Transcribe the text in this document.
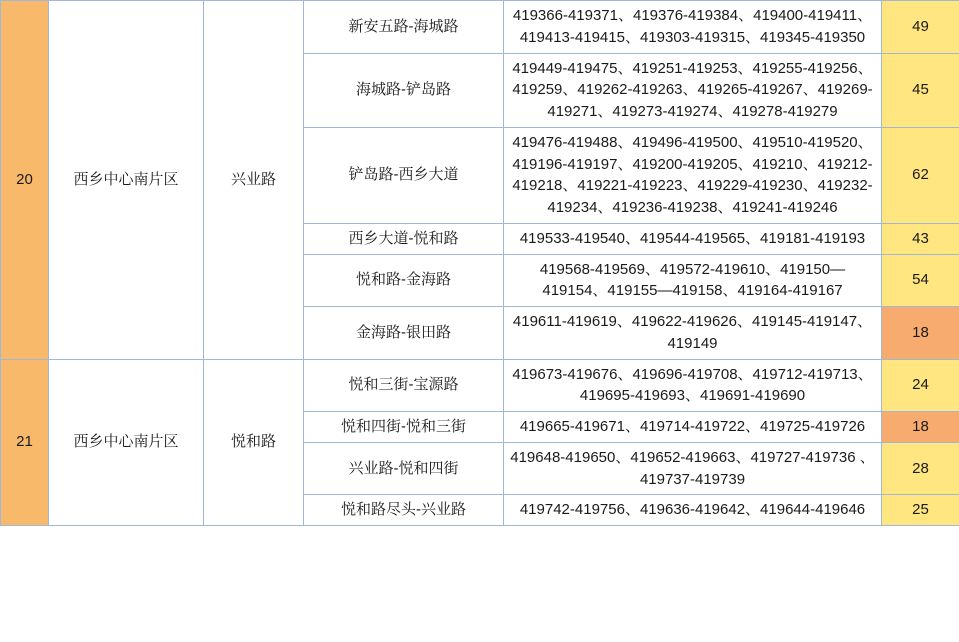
20	西乡中心南片区	兴业路	新安五路-海城路	419366-419371、419376-419384、419400-419411、419413-419415、419303-419315、419345-419350	49
			海城路-铲岛路	419449-419475、419251-419253、419255-419256、419259、419262-419263、419265-419267、419269-419271、419273-419274、419278-419279	45
			铲岛路-西乡大道	419476-419488、419496-419500、419510-419520、419196-419197、419200-419205、419210、419212-419218、419221-419223、419229-419230、419232-419234、419236-419238、419241-419246	62
			西乡大道-悦和路	419533-419540、419544-419565、419181-419193	43
			悦和路-金海路	419568-419569、419572-419610、419150—419154、419155—419158、419164-419167	54
			金海路-银田路	419611-419619、419622-419626、419145-419147、419149	18
21	西乡中心南片区	悦和路	悦和三街-宝源路	419673-419676、419696-419708、419712-419713、419695-419693、419691-419690	24
			悦和四街-悦和三街	419665-419671、419714-419722、419725-419726	18
			兴业路-悦和四街	419648-419650、419652-419663、419727-419736 、419737-419739	28
			悦和路尽头-兴业路	419742-419756、419636-419642、419644-419646	25
